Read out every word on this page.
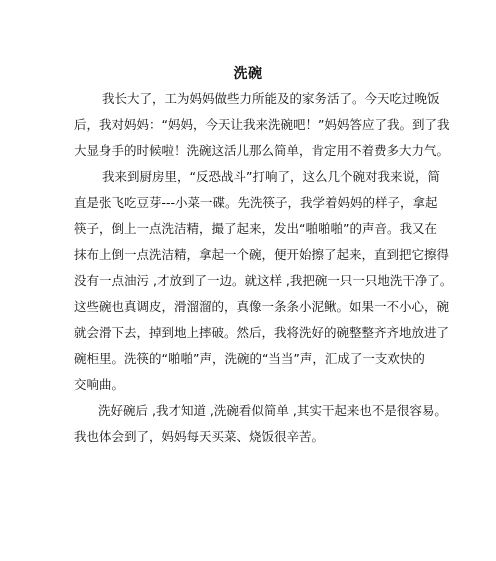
洗碗
我长大了，工为妈妈做些力所能及的家务活了。今天吃过晚饭
后，我对妈妈：“妈妈，今天让我来洗碗吧！”妈妈答应了我。到了我
大显身手的时候啦！洗碗这活儿那么简单，肯定用不着费多大力气。
我来到厨房里，“反恐战斗”打响了，这么几个碗对我来说，简
直是张飞吃豆芽---小菜一碟。先洗筷子，我学着妈妈的样子，拿起
筷子，倒上一点洗洁精，撮了起来，发出“啪啪啪”的声音。我又在
抹布上倒一点洗洁精，拿起一个碗，便开始擦了起来，直到把它擦得
没有一点油污 ,才放到了一边。就这样 ,我把碗一只一只地洗干净了。
这些碗也真调皮，滑溜溜的，真像一条条小泥鳅。如果一不小心，碗
就会滑下去，掉到地上摔破。然后，我将洗好的碗整整齐齐地放进了
碗柜里。洗筷的“啪啪”声，洗碗的“当当”声，汇成了一支欢快的
交响曲。
洗好碗后 ,我才知道 ,洗碗看似简单 ,其实干起来也不是很容易。
我也体会到了，妈妈每天买菜、烧饭很辛苦。
